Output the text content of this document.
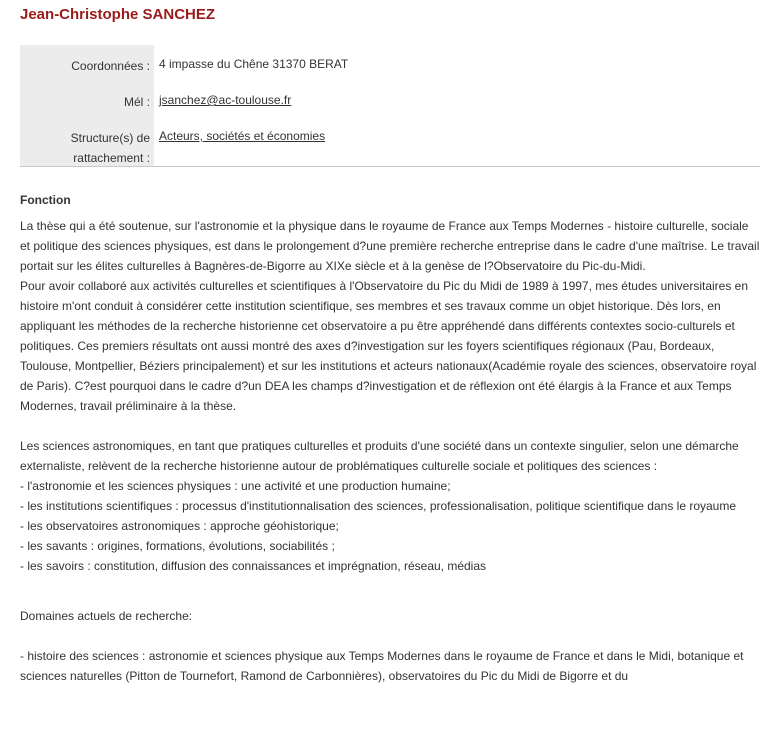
Jean-Christophe SANCHEZ
Coordonnées : 4 impasse du Chêne 31370 BERAT
Mél : jsanchez@ac-toulouse.fr
Structure(s) de
rattachement :
Acteurs, sociétés et économies
Fonction

La thèse qui a été soutenue, sur l'astronomie et la physique dans le royaume de France aux Temps Modernes - histoire culturelle, sociale et politique des sciences physiques, est dans le prolongement d?une première recherche entreprise dans le cadre d'une maîtrise. Le travail portait sur les élites culturelles à Bagnères-de-Bigorre au XIXe siècle et à la genèse de l?Observatoire du Pic-du-Midi.

Pour avoir collaboré aux activités culturelles et scientifiques à l'Observatoire du Pic du Midi de 1989 à 1997, mes études universitaires en histoire m'ont conduit à considérer cette institution scientifique, ses membres et ses travaux comme un objet historique. Dès lors, en appliquant les méthodes de la recherche historienne cet observatoire a pu être appréhendé dans différents contextes socio-culturels et politiques. Ces premiers résultats ont aussi montré des axes d?investigation sur les foyers scientifiques régionaux (Pau, Bordeaux, Toulouse, Montpellier, Béziers principalement) et sur les institutions et acteurs nationaux(Académie royale des sciences, observatoire royal de Paris). C?est pourquoi dans le cadre d?un DEA les champs d?investigation et de réflexion ont été élargis à la France et aux Temps Modernes, travail préliminaire à la thèse.

Les sciences astronomiques, en tant que pratiques culturelles et produits d'une société dans un contexte singulier, selon une démarche externaliste, relèvent de la recherche historienne autour de problématiques culturelle sociale et politiques des sciences :

- l'astronomie et les sciences physiques : une activité et une production humaine;

- les institutions scientifiques : processus d'institutionnalisation des sciences, professionalisation, politique scientifique dans le royaume

- les observatoires astronomiques : approche géohistorique;

- les savants : origines, formations, évolutions, sociabilités ;

- les savoirs : constitution, diffusion des connaissances et imprégnation, réseau, médias

Domaines actuels de recherche:

- histoire des sciences : astronomie et sciences physique aux Temps Modernes dans le royaume de France et dans le Midi, botanique et sciences naturelles (Pitton de Tournefort, Ramond de Carbonnières), observatoires du Pic du Midi de Bigorre et du
